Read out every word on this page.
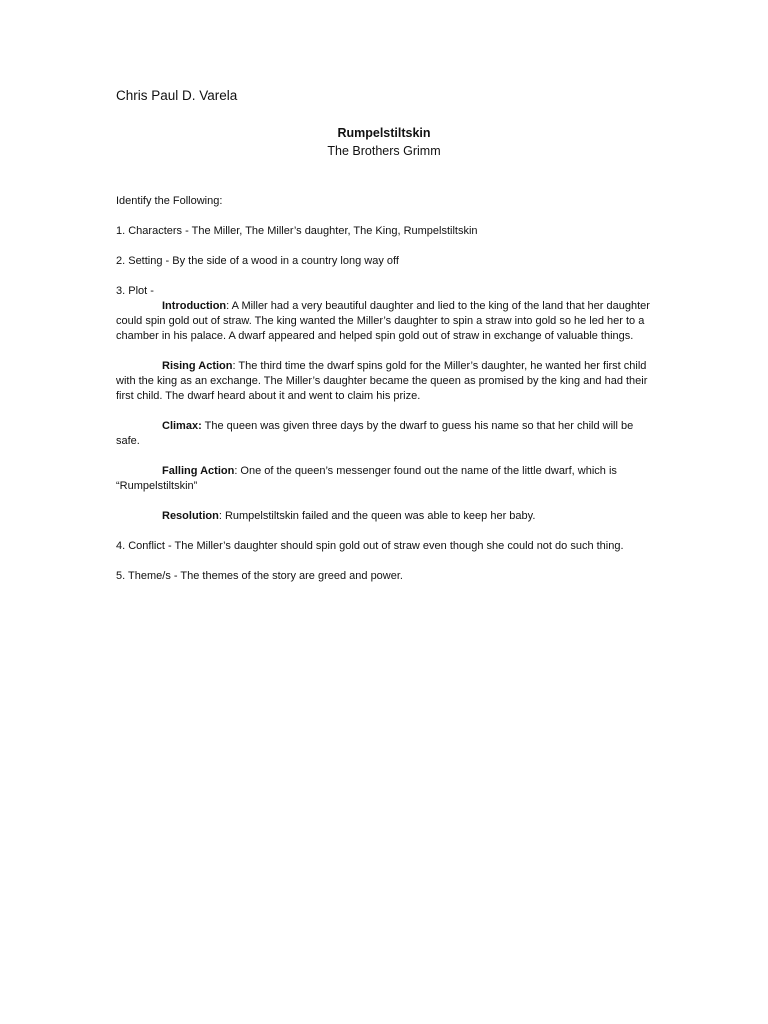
Chris Paul D. Varela
Rumpelstiltskin
The Brothers Grimm

Identify the Following:

1. Characters - The Miller, The Miller’s daughter, The King, Rumpelstiltskin

2. Setting - By the side of a wood in a country long way off

3. Plot -

Introduction: A Miller had a very beautiful daughter and lied to the king of the land that her daughter could spin gold out of straw. The king wanted the Miller’s daughter to spin a straw into gold so he led her to a chamber in his palace. A dwarf appeared and helped spin gold out of straw in exchange of valuable things.

Rising Action: The third time the dwarf spins gold for the Miller’s daughter, he wanted her first child with the king as an exchange. The Miller’s daughter became the queen as promised by the king and had their first child. The dwarf heard about it and went to claim his prize.

Climax: The queen was given three days by the dwarf to guess his name so that her child will be safe.

Falling Action: One of the queen’s messenger found out the name of the little dwarf, which is “Rumpelstiltskin”

Resolution: Rumpelstiltskin failed and the queen was able to keep her baby.

4. Conflict - The Miller’s daughter should spin gold out of straw even though she could not do such thing.

5. Theme/s - The themes of the story are greed and power.
